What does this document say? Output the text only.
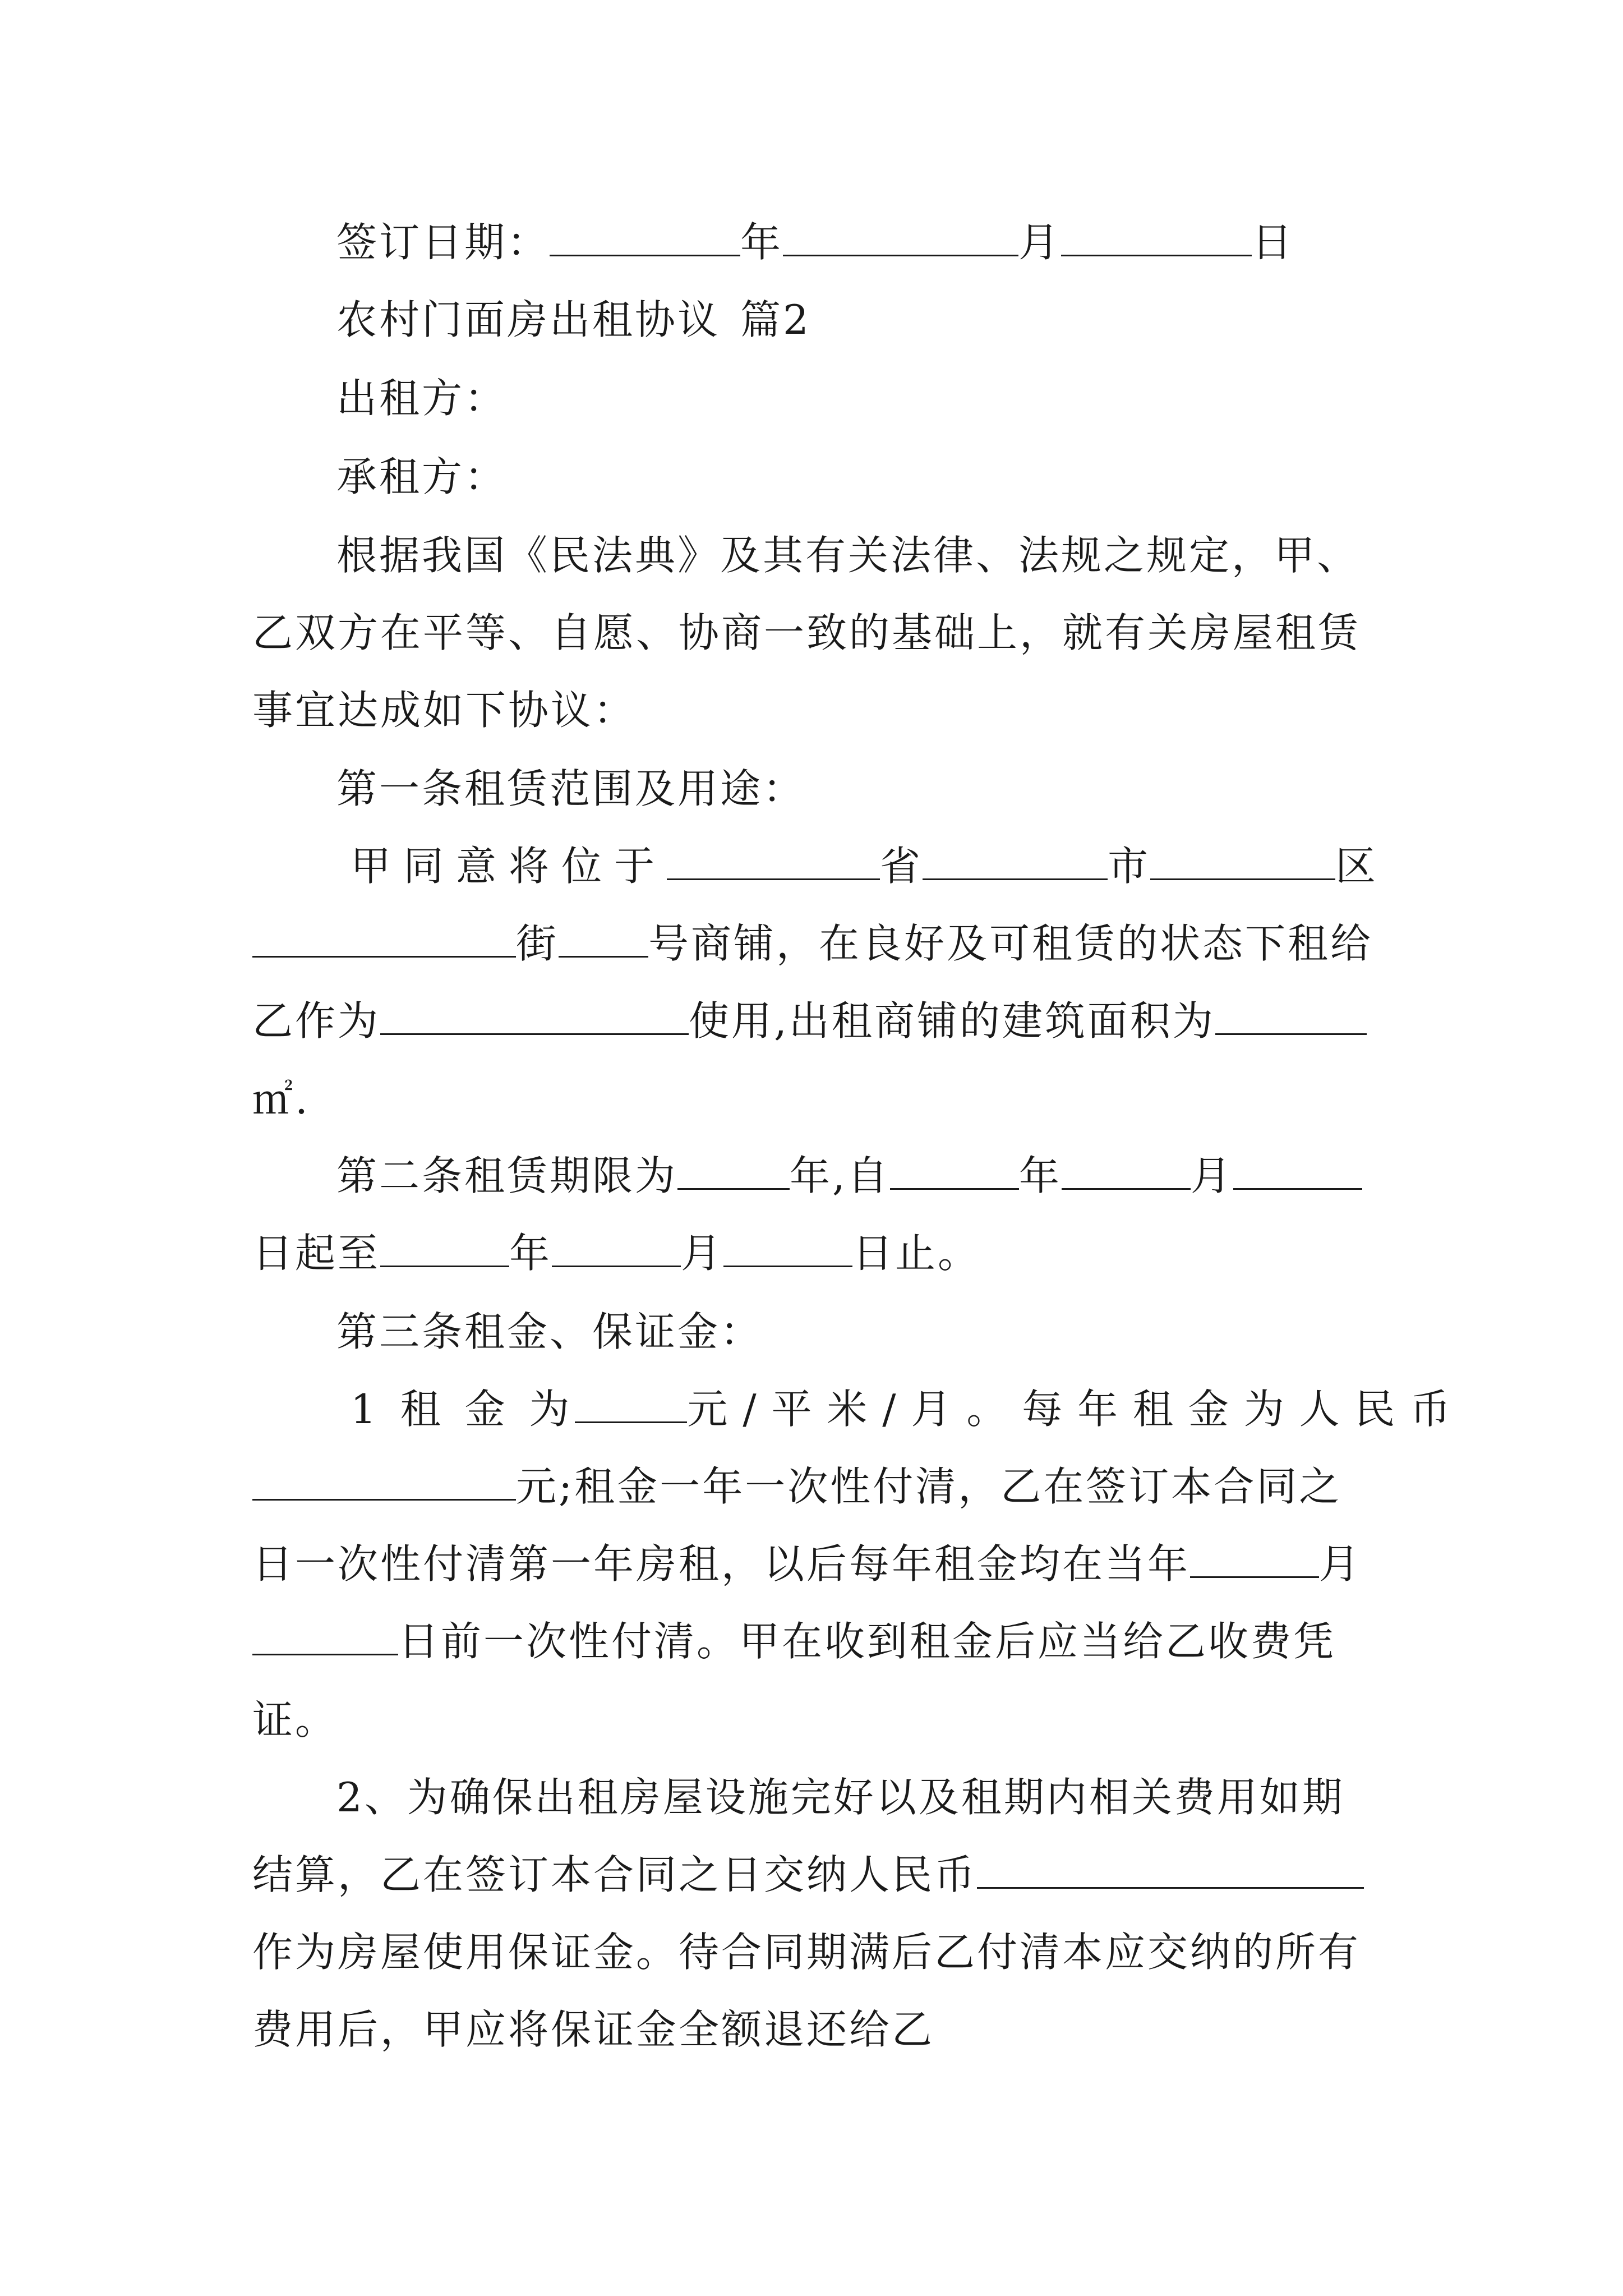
签订日期：	年	月	日
农村门面房出租协议 篇2
出租方：
承租方：
根据我国《民法典》及其有关法律、法规之规定，甲、
乙双方在平等、自愿、协商一致的基础上，就有关房屋租赁
事宜达成如下协议：
第一条租赁范围及用途：
甲同意将位于	省	市	区
街 号商铺，在良好及可租赁的状态下租给
乙作为	使用,出租商铺的建筑面积为
㎡.
第二条租赁期限为	年,自	年	月
日起至	年	月	日止。
第三条租金、保证金：
1 租 金 为	元 / 平 米 / 月 。 每 年 租 金 为 人 民 币
元;租金一年一次性付清，乙在签订本合同之
日一次性付清第一年房租，以后每年租金均在当年	月
日前一次性付清。甲在收到租金后应当给乙收费凭
证。
2、为确保出租房屋设施完好以及租期内相关费用如期
结算，乙在签订本合同之日交纳人民币
作为房屋使用保证金。待合同期满后乙付清本应交纳的所有
费用后，甲应将保证金全额退还给乙
